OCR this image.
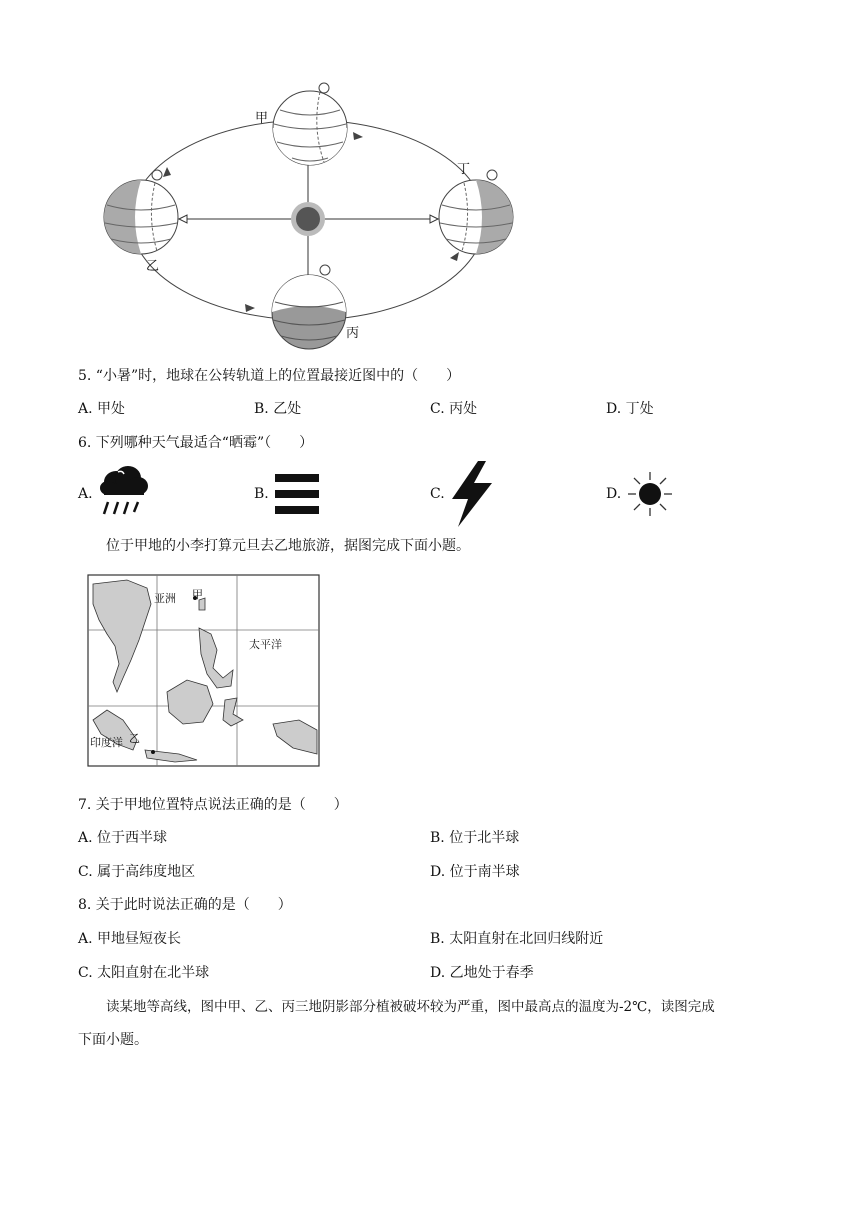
甲
乙
丙
丁
5. “小暑”时，地球在公转轨道上的位置最接近图中的（　　）
A. 甲处	B. 乙处	C. 丙处	D. 丁处
6. 下列哪种天气最适合“晒霉”（　　）
A.	B.	C.	D.
位于甲地的小李打算元旦去乙地旅游，据图完成下面小题。
亚洲 甲
太平洋
乙
印度洋
7. 关于甲地位置特点说法正确的是（　　）
A. 位于西半球	B. 位于北半球
C. 属于高纬度地区	D. 位于南半球
8. 关于此时说法正确的是（　　）
A. 甲地昼短夜长	B. 太阳直射在北回归线附近
C. 太阳直射在北半球	D. 乙地处于春季
读某地等高线，图中甲、乙、丙三地阴影部分植被破坏较为严重，图中最高点的温度为-2℃，读图完成
下面小题。
